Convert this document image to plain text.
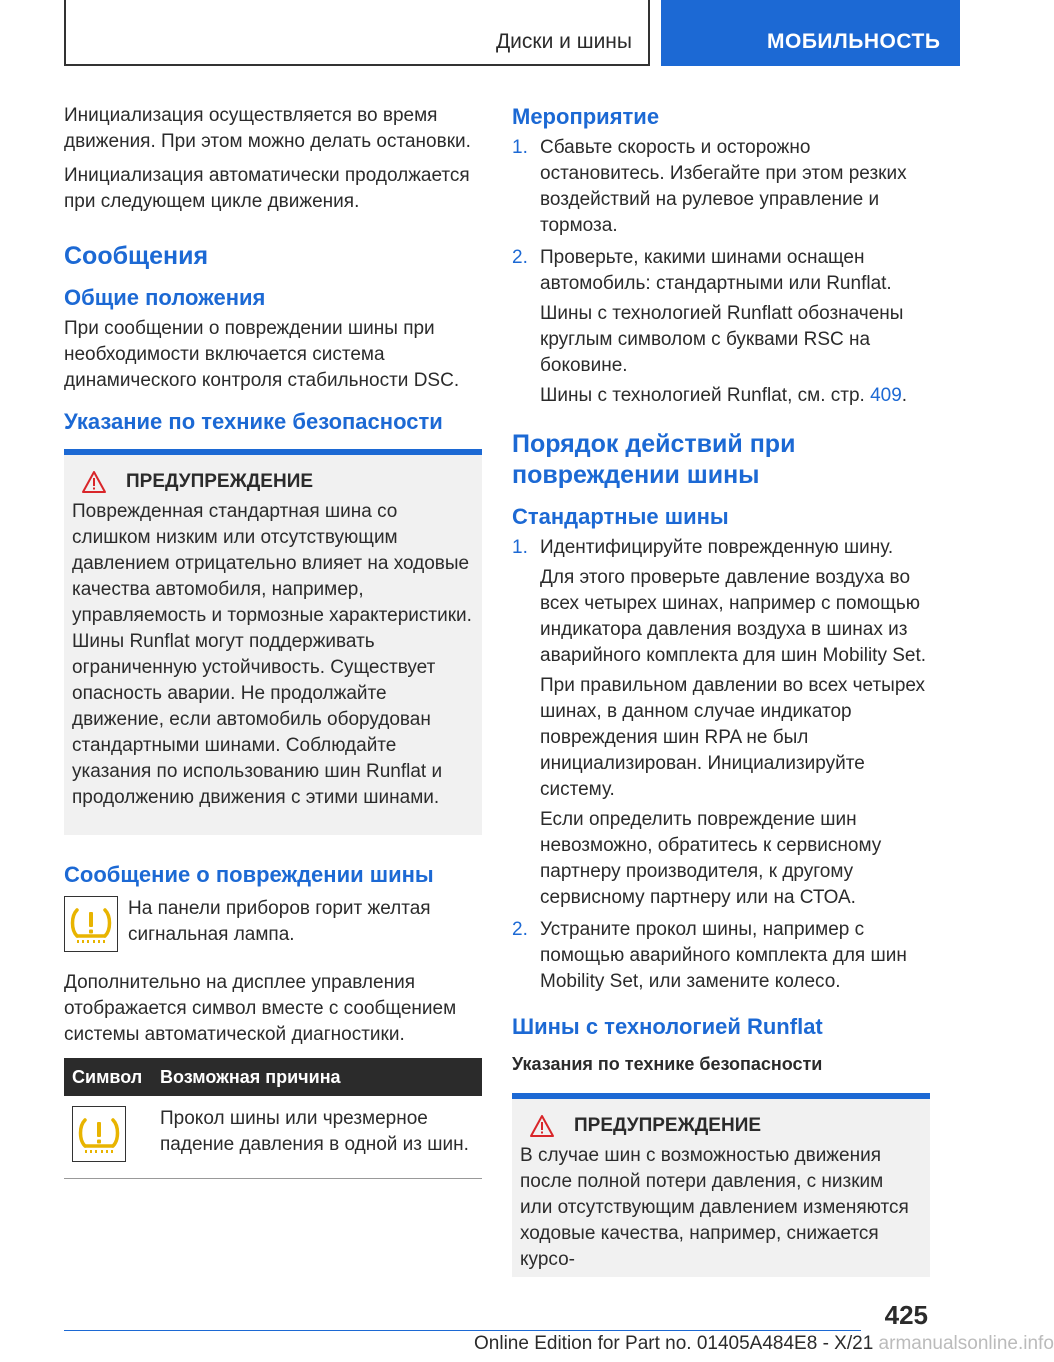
Диски и шины	МОБИЛЬНОСТЬ

Инициализация осуществляется во время движения. При этом можно делать остановки.

Инициализация автоматически продолжается при следующем цикле движения.

Сообщения
Общие положения

При сообщении о повреждении шины при необходимости включается система динамического контроля стабильности DSC.

Указание по технике безопасности
ПРЕДУПРЕЖДЕНИЕ

Поврежденная стандартная шина со слишком низким или отсутствующим давлением отрицательно влияет на ходовые качества автомобиля, например, управляемость и тормозные характеристики. Шины Runflat могут поддерживать ограниченную устойчивость. Существует опасность аварии. Не продолжайте движение, если автомобиль оборудован стандартными шинами. Соблюдайте указания по использованию шин Runflat и продолжению движения с этими шинами.

Сообщение о повреждении шины

На панели приборов горит желтая сигнальная лампа.

Дополнительно на дисплее управления отображается символ вместе с сообщением системы автоматической диагностики.

Символ	Возможная причина

	Прокол шины или чрезмерное падение давления в одной из шин.
Мероприятие
1. Сбавьте скорость и осторожно остановитесь. Избегайте при этом резких воздействий на рулевое управление и тормоза.
2. Проверьте, какими шинами оснащен автомобиль: стандартными или Runflat.

Шины с технологией Runflatt обозначены круглым символом с буквами RSC на боковине.

Шины с технологией Runflat, см. стр. 409.

Порядок действий при повреждении шины
Стандартные шины
1. Идентифицируйте поврежденную шину.

Для этого проверьте давление воздуха во всех четырех шинах, например с помощью индикатора давления воздуха в шинах из аварийного комплекта для шин Mobility Set.

При правильном давлении во всех четырех шинах, в данном случае индикатор повреждения шин RPA не был инициализирован. Инициализируйте систему.

Если определить повреждение шин невозможно, обратитесь к сервисному партнеру производителя, к другому сервисному партнеру или на СТОА.

2. Устраните прокол шины, например с помощью аварийного комплекта для шин Mobility Set, или замените колесо.
Шины с технологией Runflat
Указания по технике безопасности
ПРЕДУПРЕЖДЕНИЕ

В случае шин с возможностью движения после полной потери давления, с низким или отсутствующим давлением изменяются ходовые качества, например, снижается курсо-

425
Online Edition for Part no. 01405A484E8 - X/21 armanualsonline.info
